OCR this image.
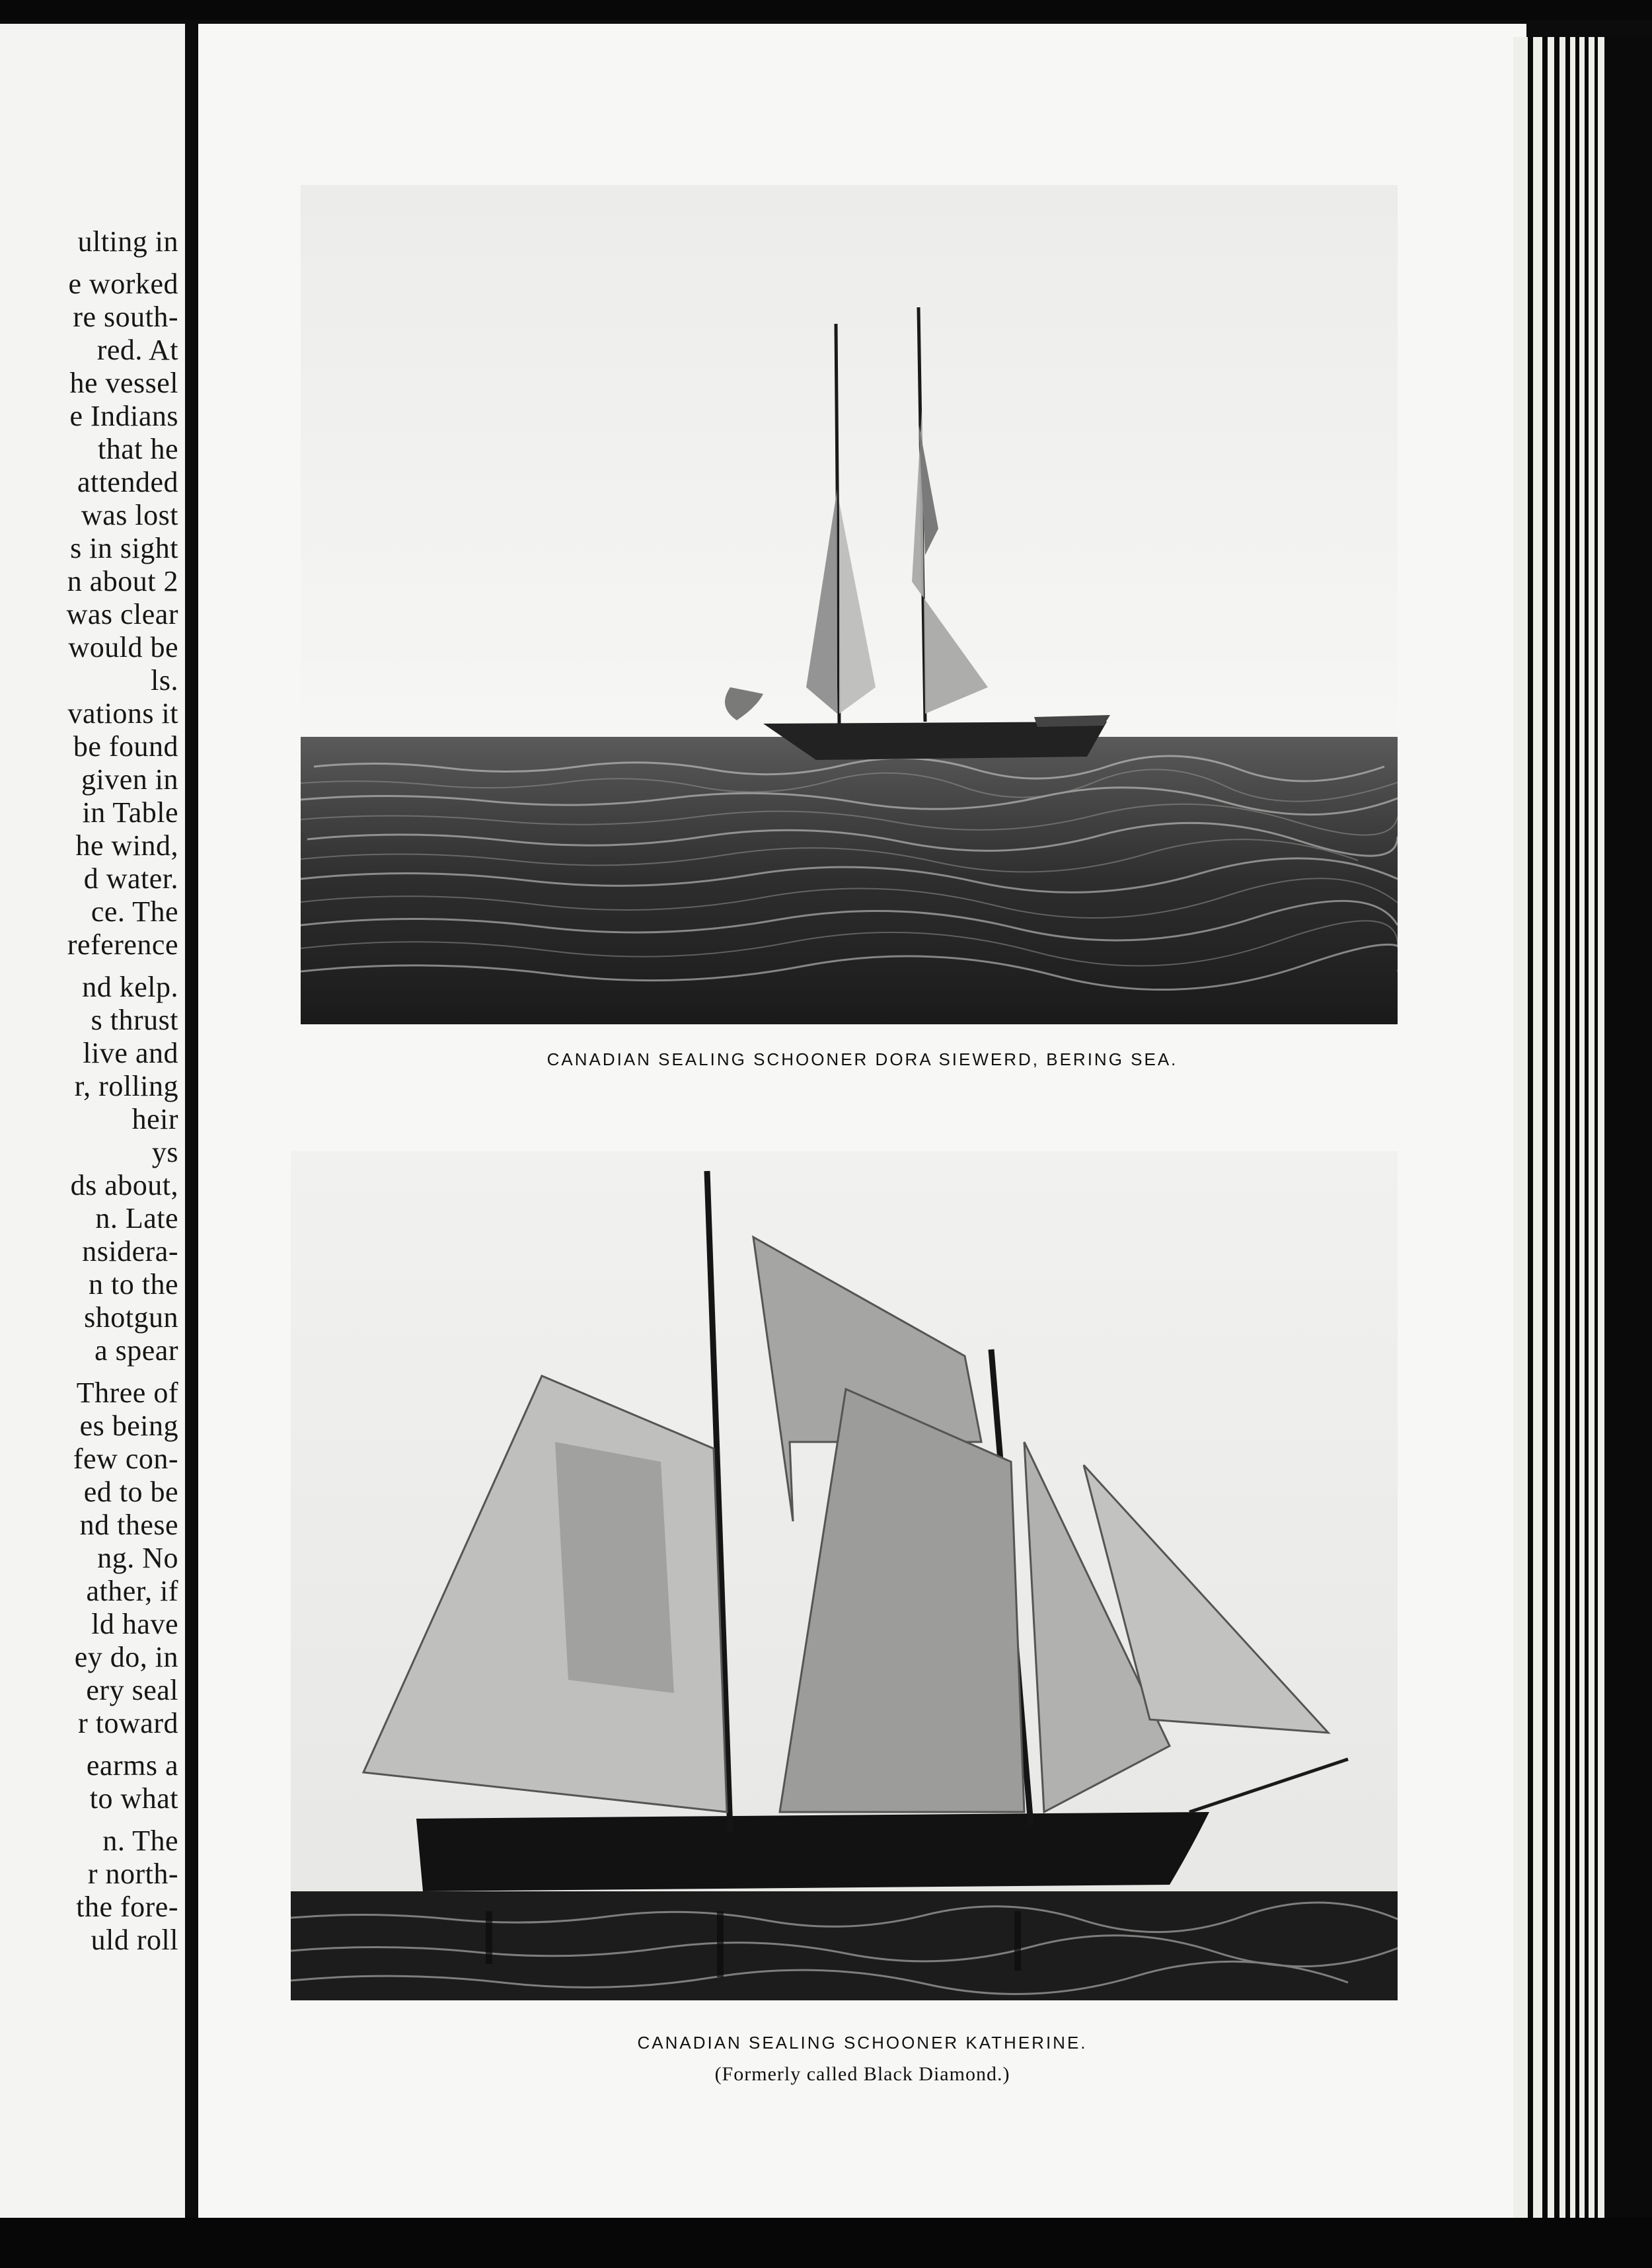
ulting in
e worked
re south-
red. At
he vessel
e Indians
that he
attended
was lost
s in sight
n about 2
was clear
would be
ls.
vations it
be found
given in
in Table
he wind,
d water.
ce. The
reference
nd kelp.
s thrust
live and
r, rolling
heir
ys
ds about,
n. Late
nsidera-
n to the
shotgun
a spear
Three of
es being
few con-
ed to be
nd these
ng. No
ather, if
ld have
ey do, in
ery seal
r toward
earms a
to what
n. The
r north-
the fore-
uld roll
CANADIAN SEALING SCHOONER DORA SIEWERD, BERING SEA.
CANADIAN SEALING SCHOONER KATHERINE.
(Formerly called Black Diamond.)
